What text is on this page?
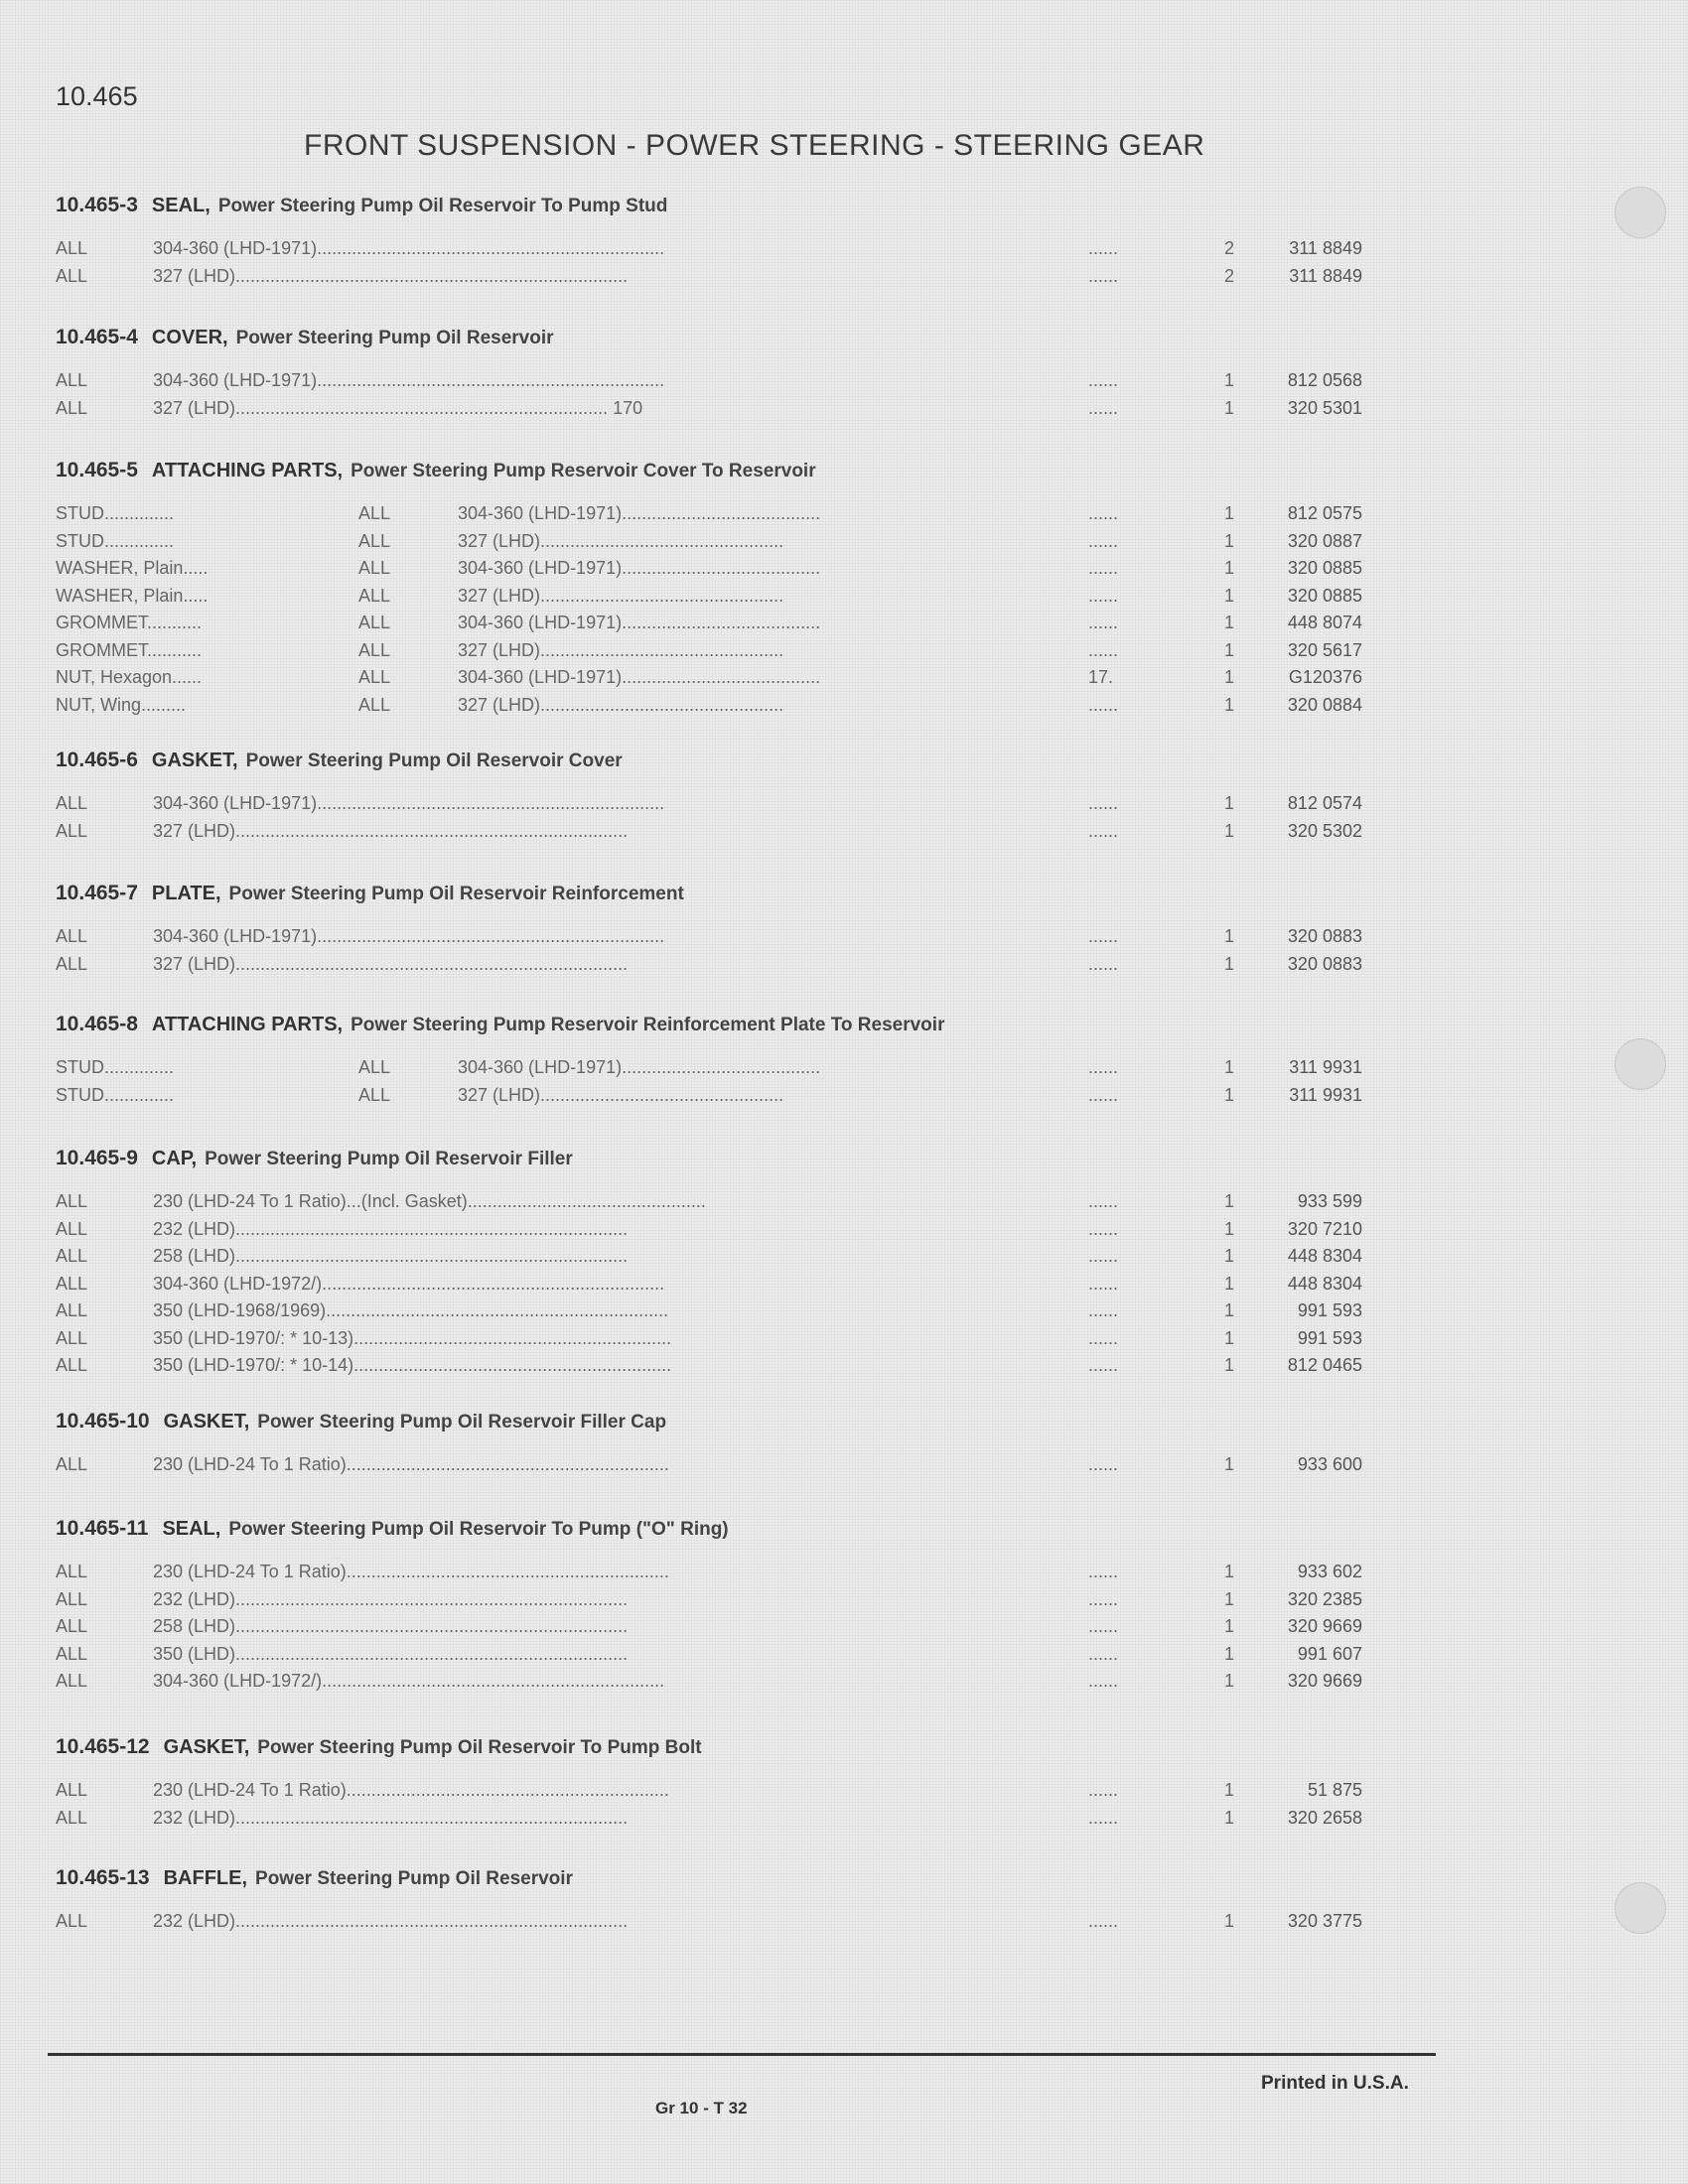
10.465
FRONT SUSPENSION - POWER STEERING - STEERING GEAR
10.465-3 SEAL, Power Steering Pump Oil Reservoir To Pump Stud
ALL	304-360 (LHD-1971)......................................................................	......	2	311 8849
ALL	327 (LHD)...............................................................................	......	2	311 8849
10.465-4 COVER, Power Steering Pump Oil Reservoir
ALL	304-360 (LHD-1971)......................................................................	......	1	812 0568
ALL	327 (LHD)........................................................................... 170	......	1	320 5301
10.465-5 ATTACHING PARTS, Power Steering Pump Reservoir Cover To Reservoir
STUD..............	ALL	304-360 (LHD-1971)........................................	......	1	812 0575
STUD..............	ALL	327 (LHD).................................................	......	1	320 0887
WASHER, Plain.....	ALL	304-360 (LHD-1971)........................................	......	1	320 0885
WASHER, Plain.....	ALL	327 (LHD).................................................	......	1	320 0885
GROMMET...........	ALL	304-360 (LHD-1971)........................................	......	1	448 8074
GROMMET...........	ALL	327 (LHD).................................................	......	1	320 5617
NUT, Hexagon......	ALL	304-360 (LHD-1971)........................................	17.	1	G120376
NUT, Wing.........	ALL	327 (LHD).................................................	......	1	320 0884
10.465-6 GASKET, Power Steering Pump Oil Reservoir Cover
ALL	304-360 (LHD-1971)......................................................................	......	1	812 0574
ALL	327 (LHD)...............................................................................	......	1	320 5302
10.465-7 PLATE, Power Steering Pump Oil Reservoir Reinforcement
ALL	304-360 (LHD-1971)......................................................................	......	1	320 0883
ALL	327 (LHD)...............................................................................	......	1	320 0883
10.465-8 ATTACHING PARTS, Power Steering Pump Reservoir Reinforcement Plate To Reservoir
STUD..............	ALL	304-360 (LHD-1971)........................................	......	1	311 9931
STUD..............	ALL	327 (LHD).................................................	......	1	311 9931
10.465-9 CAP, Power Steering Pump Oil Reservoir Filler
ALL	230 (LHD-24 To 1 Ratio)...(Incl. Gasket)................................................	......	1	933 599
ALL	232 (LHD)...............................................................................	......	1	320 7210
ALL	258 (LHD)...............................................................................	......	1	448 8304
ALL	304-360 (LHD-1972/).....................................................................	......	1	448 8304
ALL	350 (LHD-1968/1969).....................................................................	......	1	991 593
ALL	350 (LHD-1970/: * 10-13)................................................................	......	1	991 593
ALL	350 (LHD-1970/: * 10-14)................................................................	......	1	812 0465
10.465-10 GASKET, Power Steering Pump Oil Reservoir Filler Cap
ALL	230 (LHD-24 To 1 Ratio).................................................................	......	1	933 600
10.465-11 SEAL, Power Steering Pump Oil Reservoir To Pump ("O" Ring)
ALL	230 (LHD-24 To 1 Ratio).................................................................	......	1	933 602
ALL	232 (LHD)...............................................................................	......	1	320 2385
ALL	258 (LHD)...............................................................................	......	1	320 9669
ALL	350 (LHD)...............................................................................	......	1	991 607
ALL	304-360 (LHD-1972/).....................................................................	......	1	320 9669
10.465-12 GASKET, Power Steering Pump Oil Reservoir To Pump Bolt
ALL	230 (LHD-24 To 1 Ratio).................................................................	......	1	51 875
ALL	232 (LHD)...............................................................................	......	1	320 2658
10.465-13 BAFFLE, Power Steering Pump Oil Reservoir
ALL	232 (LHD)...............................................................................	......	1	320 3775
Printed in U.S.A.
Gr 10 - T 32
